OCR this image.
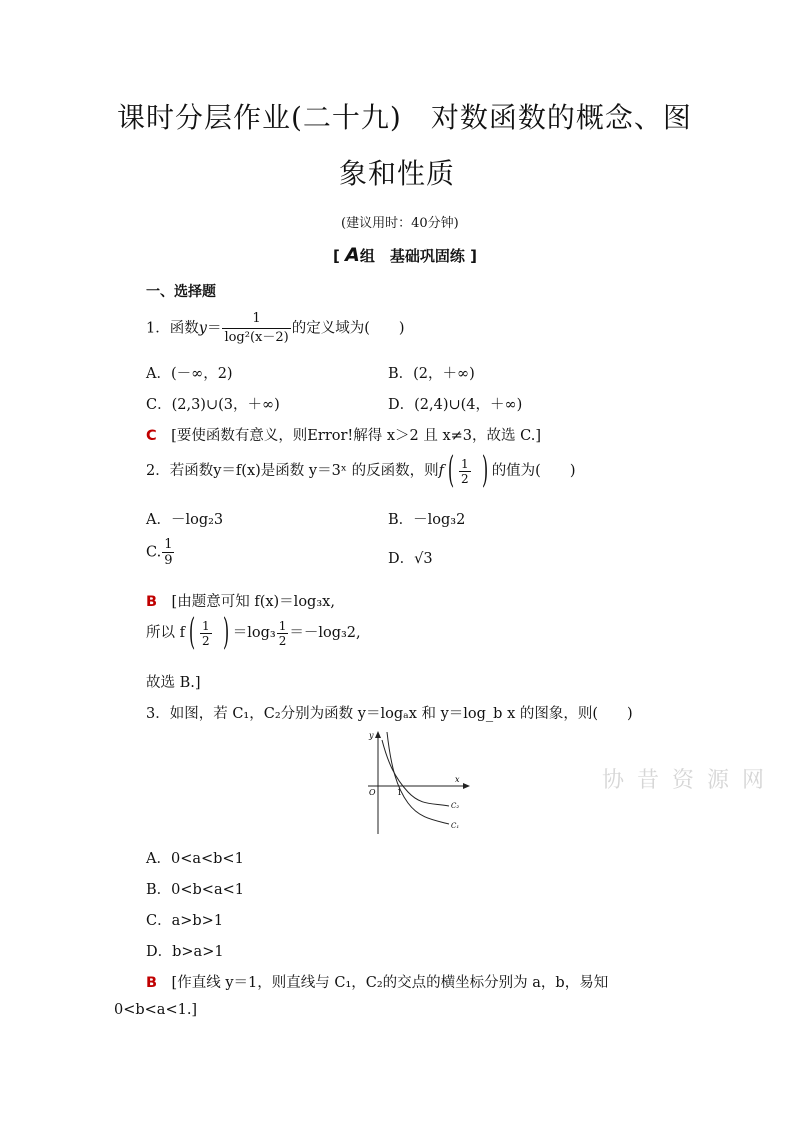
课时分层作业(二十九)　对数函数的概念、图
象和性质
(建议用时：40分钟)
[ A组　基础巩固练 ]
一、选择题
1．函数$y= \frac{1}{\text{log²(x－2)}}$ 的定义域为(　　)
A．(－∞，2)	B．(2，＋∞)
C．(2,3)∪(3，＋∞)	D．(2,4)∪(4，＋∞)
C　[要使函数有意义，则Error!解得 x＞2 且 x≠3，故选 C.]
2．若函数y＝f(x)是函数 y＝3ˣ 的反函数，则f ( $\frac{1}{2}$ ) 的值为(　　)
A．－log₂3	B．－log₃2
C. $\frac{1}{9}$	D．√3
B　[由题意可知 f(x)＝log₃x,
所以 f ( $\frac{1}{2}$ ) $=\log_3 \frac{1}{2} =-\log_32$,
故选 B.]
3．如图，若 C₁，C₂分别为函数 y＝logₐx 和 y＝log_b x 的图象，则(　　)
y
x
O	1
C₂
C₁
协 昔 资 源 网
A．0<a<b<1
B．0<b<a<1
C．a>b>1
D．b>a>1
B　[作直线 y＝1，则直线与 C₁，C₂的交点的横坐标分别为 a，b，易知
0<b<a<1.]
